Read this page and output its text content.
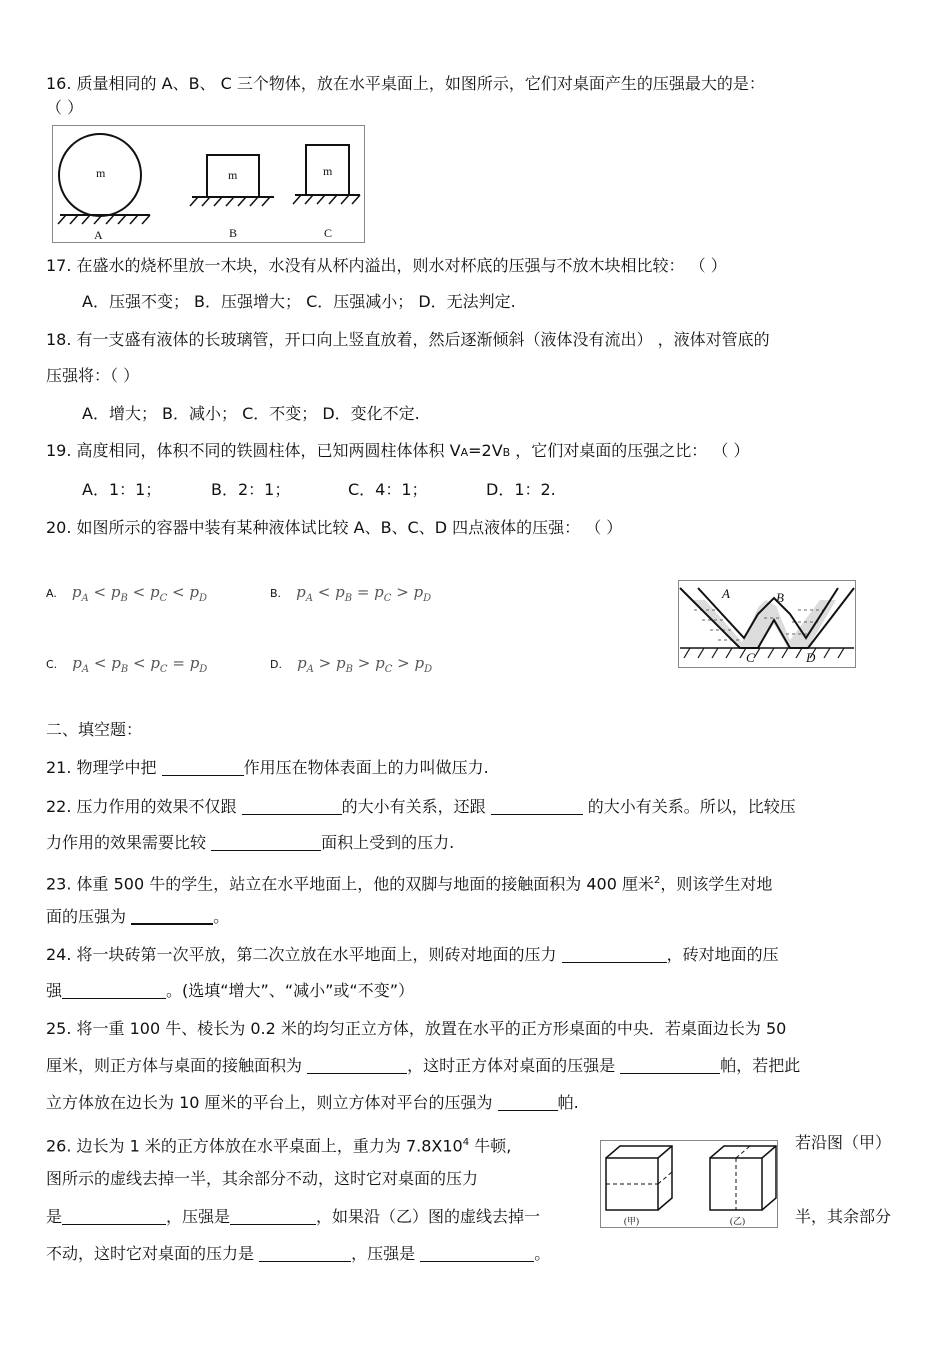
16. 质量相同的 A、B、 C 三个物体，放在水平桌面上，如图所示，它们对桌面产生的压强最大的是：
（ ）
m
A
m
B
m
C
17. 在盛水的烧杯里放一木块，水没有从杯内溢出，则水对杯底的压强与不放木块相比较： （ ）
A．压强不变； B．压强增大； C．压强减小； D．无法判定.
18. 有一支盛有液体的长玻璃管，开口向上竖直放着，然后逐渐倾斜（液体没有流出） ，液体对管底的
压强将：（ ）
A．增大； B．减小； C．不变； D．变化不定.
19. 高度相同，体积不同的铁圆柱体，已知两圆柱体体积 VA=2VB ，它们对桌面的压强之比： （ ）
A．1：1；	B．2：1；	C．4：1；	D．1：2.
20. 如图所示的容器中装有某种液体试比较 A、B、C、D 四点液体的压强： （ ）
A. $p_A < p_B < p_C < p_D$	B. $p_A < p_B = p_C > p_D$
C. $p_A < p_B < p_C = p_D$	D. $p_A > p_B > p_C > p_D$
A	B
C	D
二、填空题：
21. 物理学中把	作用压在物体表面上的力叫做压力.
22. 压力作用的效果不仅跟	的大小有关系，还跟	的大小有关系。所以，比较压
力作用的效果需要比较	面积上受到的压力.
23. 体重 500 牛的学生，站立在水平地面上，他的双脚与地面的接触面积为 400 厘米$^2$，则该学生对地
面的压强为	。
24. 将一块砖第一次平放，第二次立放在水平地面上，则砖对地面的压力	，砖对地面的压
强	。(选填“增大”、“减小”或“不变”）
25. 将一重 100 牛、棱长为 0.2 米的均匀正立方体，放置在水平的正方形桌面的中央．若桌面边长为 50
厘米，则正方体与桌面的接触面积为	，这时正方体对桌面的压强是	帕，若把此
立方体放在边长为 10 厘米的平台上，则立方体对平台的压强为	帕.
26. 边长为 1 米的正方体放在水平桌面上，重力为 $7.8X10^4$ 牛顿,	若沿图（甲）
图所示的虚线去掉一半，其余部分不动，这时它对桌面的压力
是	，压强是	，如果沿（乙）图的虚线去掉一	半，其余部分
不动，这时它对桌面的压力是	，压强是	。
(甲)	(乙)
